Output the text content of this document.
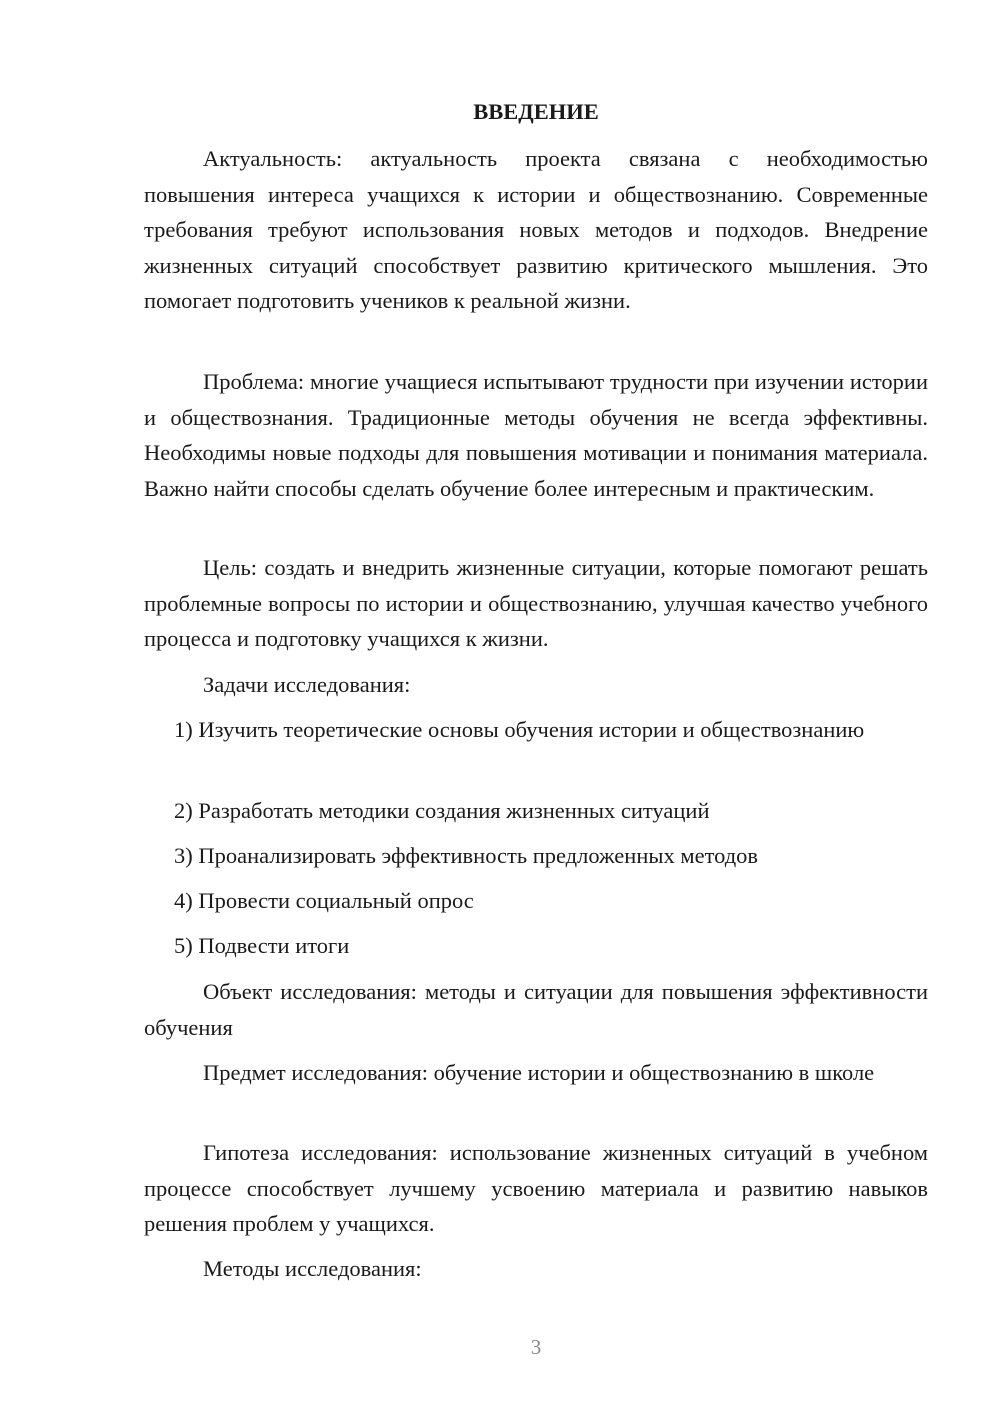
ВВЕДЕНИЕ

Актуальность: актуальность проекта связана с необходимостью повышения интереса учащихся к истории и обществознанию. Современные требования требуют использования новых методов и подходов. Внедрение жизненных ситуаций способствует развитию критического мышления. Это помогает подготовить учеников к реальной жизни.

Проблема: многие учащиеся испытывают трудности при изучении истории и обществознания. Традиционные методы обучения не всегда эффективны. Необходимы новые подходы для повышения мотивации и понимания материала. Важно найти способы сделать обучение более интересным и практическим.

Цель: создать и внедрить жизненные ситуации, которые помогают решать проблемные вопросы по истории и обществознанию, улучшая качество учебного процесса и подготовку учащихся к жизни.

Задачи исследования:

1) Изучить теоретические основы обучения истории и обществознанию

2) Разработать методики создания жизненных ситуаций

3) Проанализировать эффективность предложенных методов

4) Провести социальный опрос

5) Подвести итоги

Объект исследования: методы и ситуации для повышения эффективности обучения

Предмет исследования: обучение истории и обществознанию в школе

Гипотеза исследования: использование жизненных ситуаций в учебном процессе способствует лучшему усвоению материала и развитию навыков решения проблем у учащихся.

Методы исследования:

3
